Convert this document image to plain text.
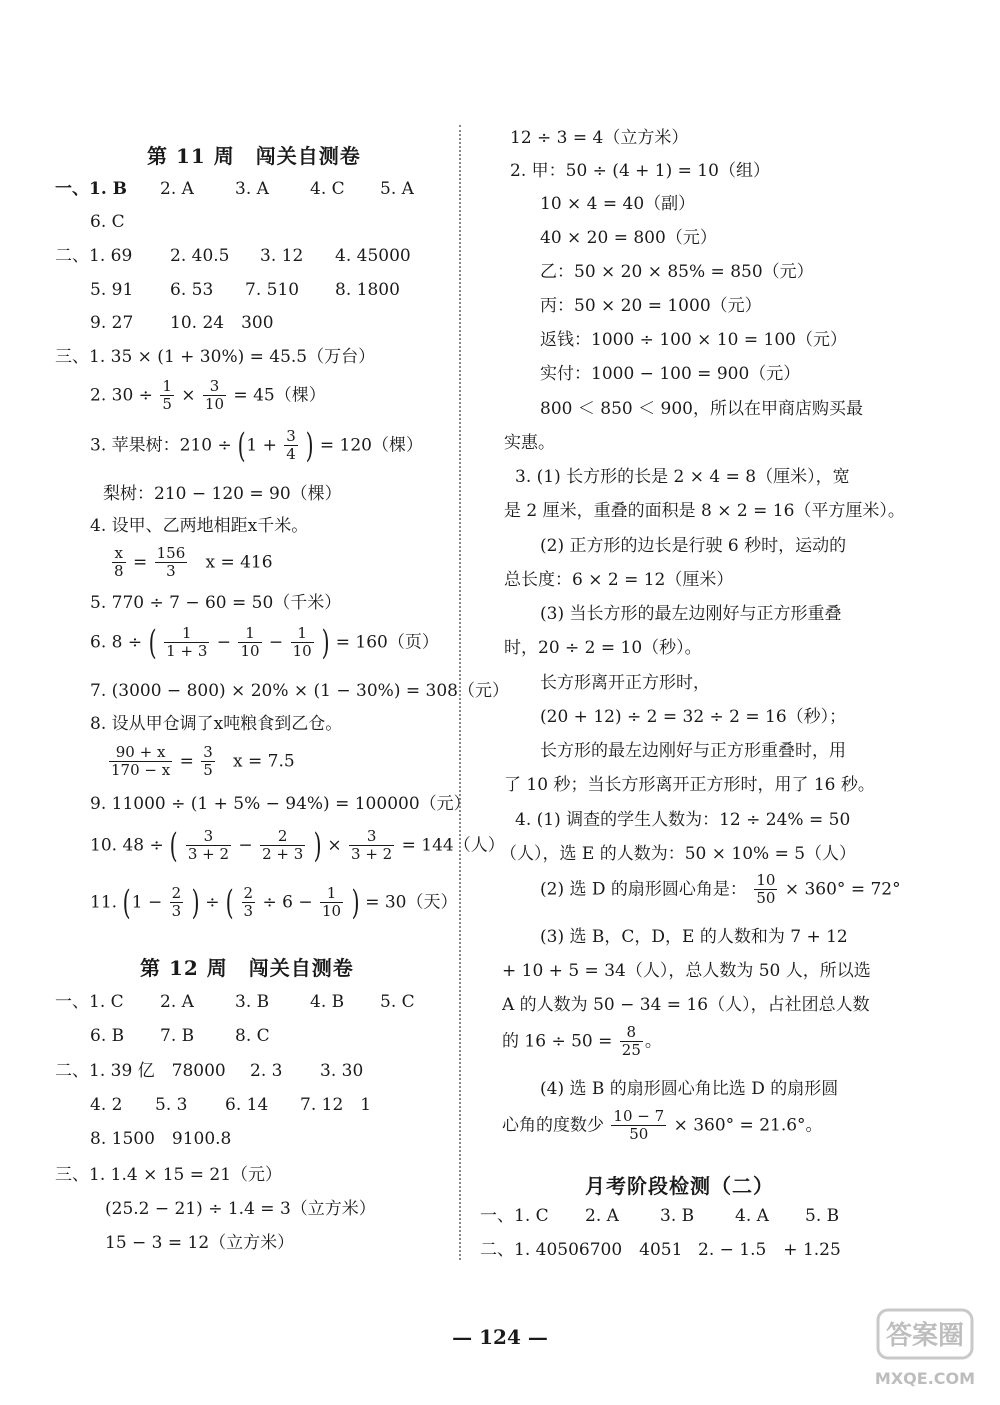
第 11 周　闯关自测卷
一、1. B 2. A 3. A 4. C 5. A
6. C
二、1. 69 2. 40.5 3. 12 4. 45000
5. 91 6. 53 7. 510 8. 1800
9. 27 10. 24　300
三、1. 35 × (1 + 30%) = 45.5（万台）
2. $30 \div \frac{1}{5} \times \frac{3}{10} = 45$（棵）
3. 苹果树：$210 \div (1 + \frac{3}{4}$ ) = 120（棵）
梨树：210 − 120 = 90（棵）
4. 设甲、乙两地相距x千米。
$\frac{x}{8} = \frac{156}{3}$ x = 416
5. 770 ÷ 7 − 60 = 50（千米）
6. 8 ÷ ( $\frac{1}{1 + 3} - \frac{1}{10} - \frac{1}{10}$ ) = 160（页）
7. (3000 − 800) × 20% × (1 − 30%) = 308（元）
8. 设从甲仓调了x吨粮食到乙仓。
$\frac{90 + x}{170 - x} = \frac{3}{5}$ x = 7.5
9. 11000 ÷ (1 + 5% − 94%) = 100000（元）
10. 48 ÷ ( $\frac{3}{3 + 2} - \frac{2}{2 + 3}$ ) × $\frac{3}{3 + 2} = 144$（人）
11. ($1 - \frac{2}{3}$ ) ÷ ( $\frac{2}{3} \div 6 - \frac{1}{10}$ ) = 30（天）
第 12 周　闯关自测卷
一、1. C 2. A 3. B 4. B 5. C
6. B 7. B 8. C
二、1. 39 亿　78000 2. 3 3. 30
4. 2 5. 3 6. 14 7. 12　1
8. 1500　9100.8
三、1. 1.4 × 15 = 21（元）
(25.2 − 21) ÷ 1.4 = 3（立方米）
15 − 3 = 12（立方米）
12 ÷ 3 = 4（立方米）
2. 甲：50 ÷ (4 + 1) = 10（组）
10 × 4 = 40（副）
40 × 20 = 800（元）
乙：50 × 20 × 85% = 850（元）
丙：50 × 20 = 1000（元）
返钱：1000 ÷ 100 × 10 = 100（元）
实付：1000 − 100 = 900（元）
800 ＜ 850 ＜ 900，所以在甲商店购买最
实惠。
3. (1) 长方形的长是 2 × 4 = 8（厘米），宽
是 2 厘米，重叠的面积是 8 × 2 = 16（平方厘米）。
(2) 正方形的边长是行驶 6 秒时，运动的
总长度：6 × 2 = 12（厘米）
(3) 当长方形的最左边刚好与正方形重叠
时，20 ÷ 2 = 10（秒）。
长方形离开正方形时，
(20 + 12) ÷ 2 = 32 ÷ 2 = 16（秒）；
长方形的最左边刚好与正方形重叠时，用
了 10 秒；当长方形离开正方形时，用了 16 秒。
4. (1) 调查的学生人数为：12 ÷ 24% = 50
（人），选 E 的人数为：50 × 10% = 5（人）
(2) 选 D 的扇形圆心角是： $\frac{10}{50} \times 360^\circ = 72^\circ$
(3) 选 B，C，D，E 的人数和为 7 + 12
+ 10 + 5 = 34（人），总人数为 50 人，所以选
A 的人数为 50 − 34 = 16（人），占社团总人数
的 $16 \div 50 = \frac{8}{25}$ 。
(4) 选 B 的扇形圆心角比选 D 的扇形圆
心角的度数少 $\frac{10 - 7}{50} \times 360^\circ = 21.6^\circ$。
月考阶段检测（二）
一、1. C 2. A 3. B 4. A 5. B
二、1. 40506700　4051 2. − 1.5　+ 1.25
— 124 —	答案圈
MXQE.COM
